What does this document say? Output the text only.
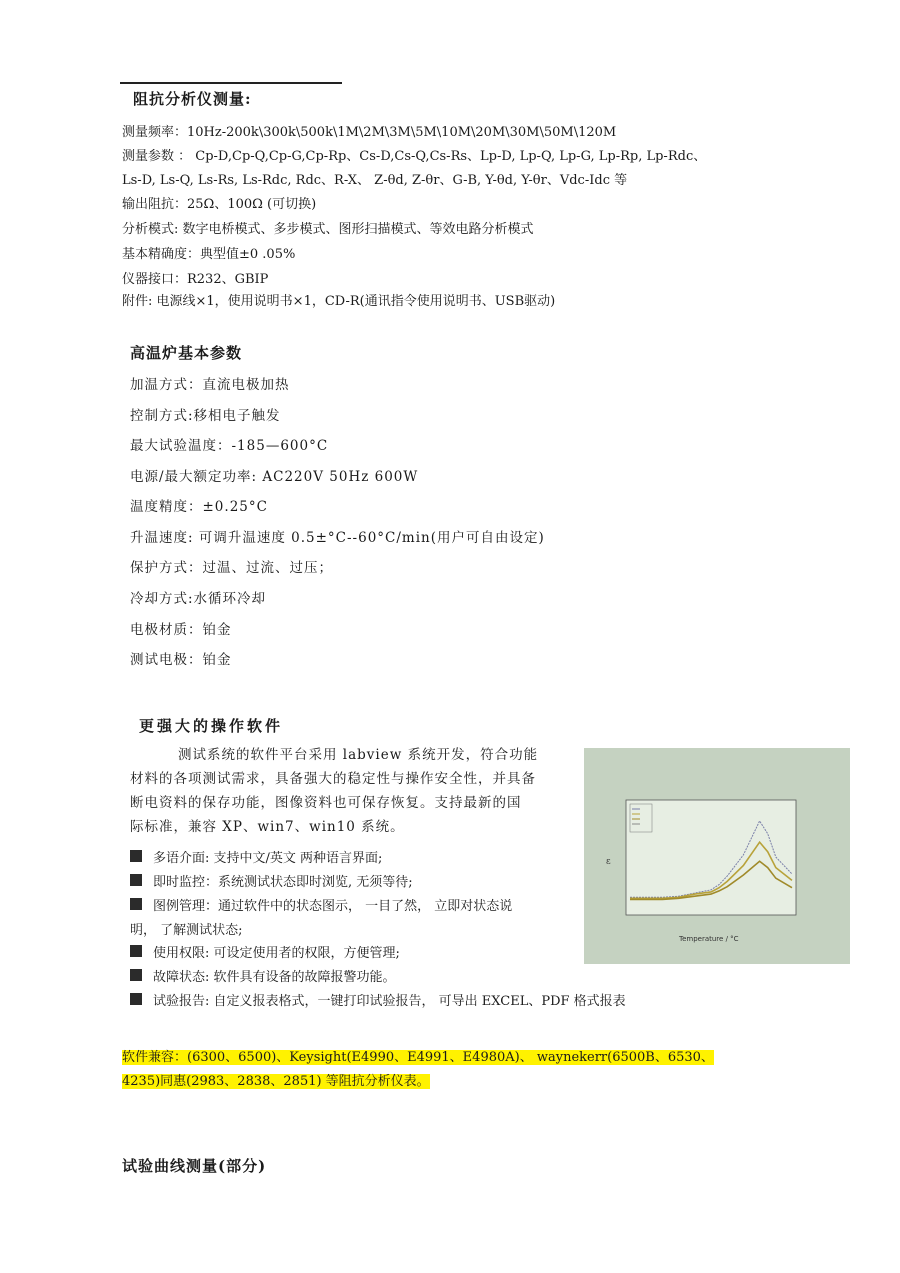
阻抗分析仪测量:
测量频率：10Hz-200k\300k\500k\1M\2M\3M\5M\10M\20M\30M\50M\120M
测量参数 ： Cp-D,Cp-Q,Cp-G,Cp-Rp、Cs-D,Cs-Q,Cs-Rs、Lp-D, Lp-Q, Lp-G, Lp-Rp, Lp-Rdc、
Ls-D, Ls-Q, Ls-Rs, Ls-Rdc, Rdc、R-X、 Z-θd, Z-θr、G-B, Y-θd, Y-θr、Vdc-Idc 等
输出阻抗：25Ω、100Ω (可切换)
分析模式: 数字电桥模式、多步模式、图形扫描模式、等效电路分析模式
基本精确度：典型值±0 .05%
仪器接口：R232、GBIP
附件: 电源线×1，使用说明书×1，CD-R(通讯指令使用说明书、USB驱动)
高温炉基本参数
加温方式：直流电极加热
控制方式:移相电子触发
最大试验温度：-185—600°C
电源/最大额定功率: AC220V 50Hz 600W
温度精度：±0.25°C
升温速度: 可调升温速度 0.5±°C--60°C/min(用户可自由设定)
保护方式：过温、过流、过压；
冷却方式:水循环冷却
电极材质：铂金
测试电极：铂金
更强大的操作软件
测试系统的软件平台采用 labview 系统开发，符合功能
材料的各项测试需求，具备强大的稳定性与操作安全性，并具备
断电资料的保存功能，图像资料也可保存恢复。支持最新的国
际标准，兼容 XP、win7、win10 系统。
多语介面: 支持中文/英文 两种语言界面;
即时监控：系统测试状态即时浏览, 无须等待;
图例管理：通过软件中的状态图示， 一目了然， 立即对状态说
明， 了解测试状态;
使用权限: 可设定使用者的权限，方便管理;
故障状态: 软件具有设备的故障报警功能。
试验报告: 自定义报表格式，一键打印试验报告， 可导出 EXCEL、PDF 格式报表
ε
Temperature / °C
软件兼容：(6300、6500)、Keysight(E4990、E4991、E4980A)、 waynekerr(6500B、6530、
4235)同惠(2983、2838、2851) 等阻抗分析仪表。
试验曲线测量(部分)
